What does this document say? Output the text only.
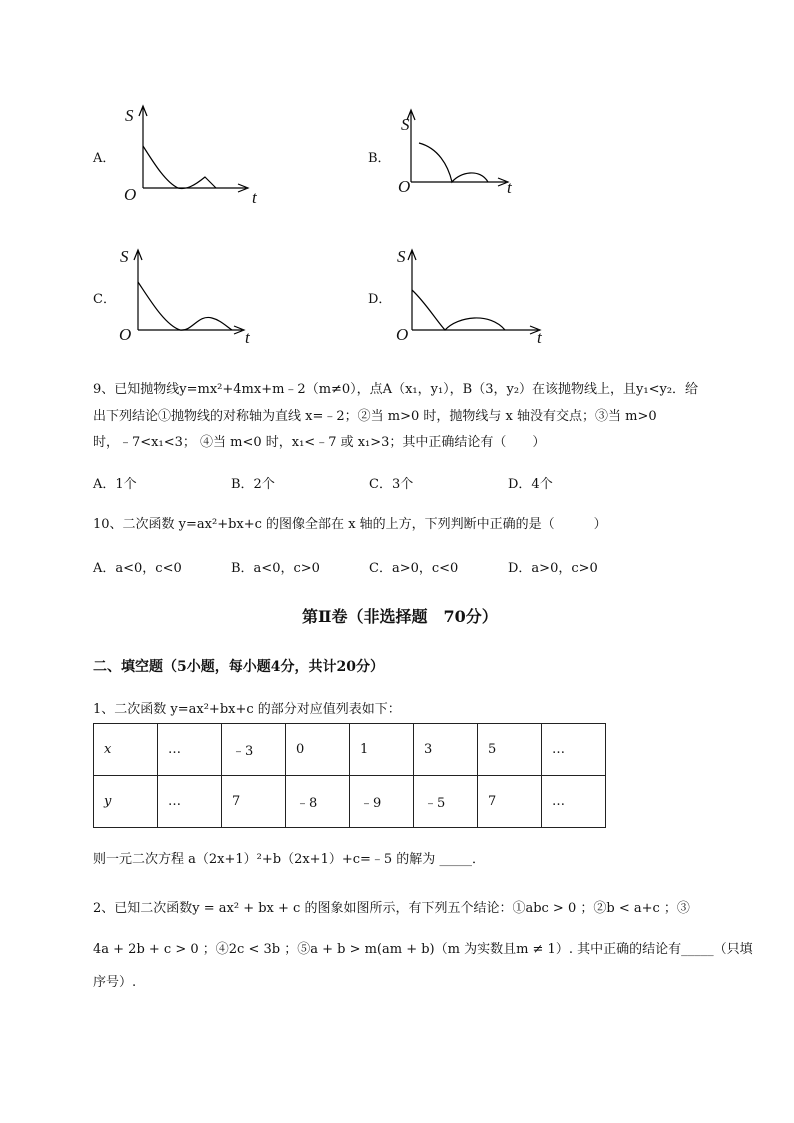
A．
S
O	t
B．
S
O	t
C．
S
O	t
D．
S
O	t
9、已知抛物线y=mx²+4mx+m﹣2（m≠0），点A（x₁，y₁），B（3，y₂）在该抛物线上，且y₁<y₂．给
出下列结论①抛物线的对称轴为直线 x=﹣2；②当 m>0 时，抛物线与 x 轴没有交点；③当 m>0
时，﹣7<x₁<3； ④当 m<0 时，x₁<﹣7 或 x₁>3；其中正确结论有（　　）
A．1个	B．2个	C．3个	D．4个
10、二次函数 y=ax²+bx+c 的图像全部在 x 轴的上方，下列判断中正确的是（　　　）
A．a<0，c<0	B．a<0，c>0	C．a>0，c<0	D．a>0，c>0
第Ⅱ卷（非选择题　70分）
二、填空题（5小题，每小题4分，共计20分）
1、二次函数 y=ax²+bx+c 的部分对应值列表如下：
x	…	﹣3	0	1	3	5	…
y	…	7	﹣8	﹣9	﹣5	7	…
则一元二次方程 a（2x+1）²+b（2x+1）+c=﹣5 的解为 _____．
2、已知二次函数y = ax² + bx + c 的图象如图所示，有下列五个结论：①abc > 0 ；②b < a+c ；③
4a + 2b + c > 0 ；④2c < 3b ；⑤a + b > m(am + b)（m 为实数且m ≠ 1）. 其中正确的结论有_____（只填
序号）.
